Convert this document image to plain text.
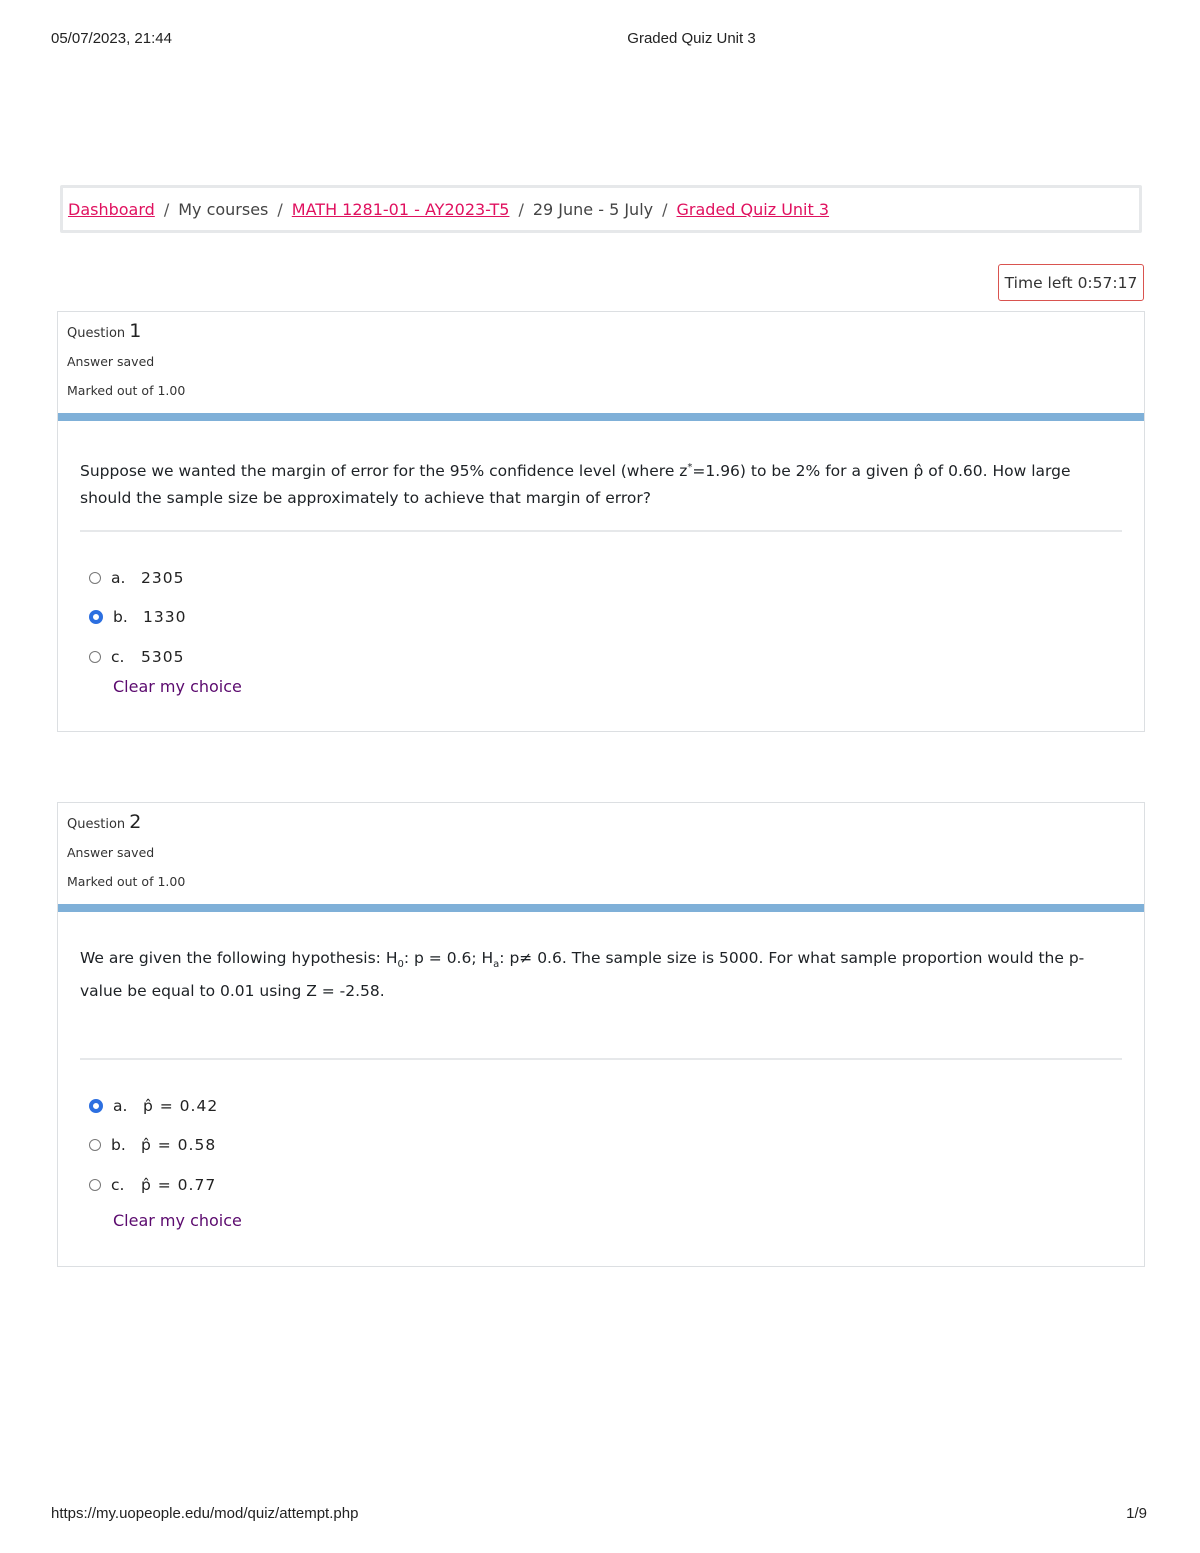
05/07/2023, 21:44	Graded Quiz Unit 3
Dashboard / My courses / MATH 1281-01 - AY2023-T5 / 29 June - 5 July / Graded Quiz Unit 3
Time left 0:57:17
Question 1
Answer saved
Marked out of 1.00
Suppose we wanted the margin of error for the 95% confidence level (where z*=1.96) to be 2% for a given p̂ of 0.60. How large should the sample size be approximately to achieve that margin of error?
a.	2305
b. 1330
c.	5305
Clear my choice
Question 2
Answer saved
Marked out of 1.00
We are given the following hypothesis: $H_0$: p = 0.6; $H_a$: p≠ 0.6. The sample size is 5000. For what sample proportion would the p-value be equal to 0.01 using Z = -2.58.
a.	p̂ = 0.42
b. p̂ = 0.58
c.	p̂ = 0.77
Clear my choice
https://my.uopeople.edu/mod/quiz/attempt.php	1/9
